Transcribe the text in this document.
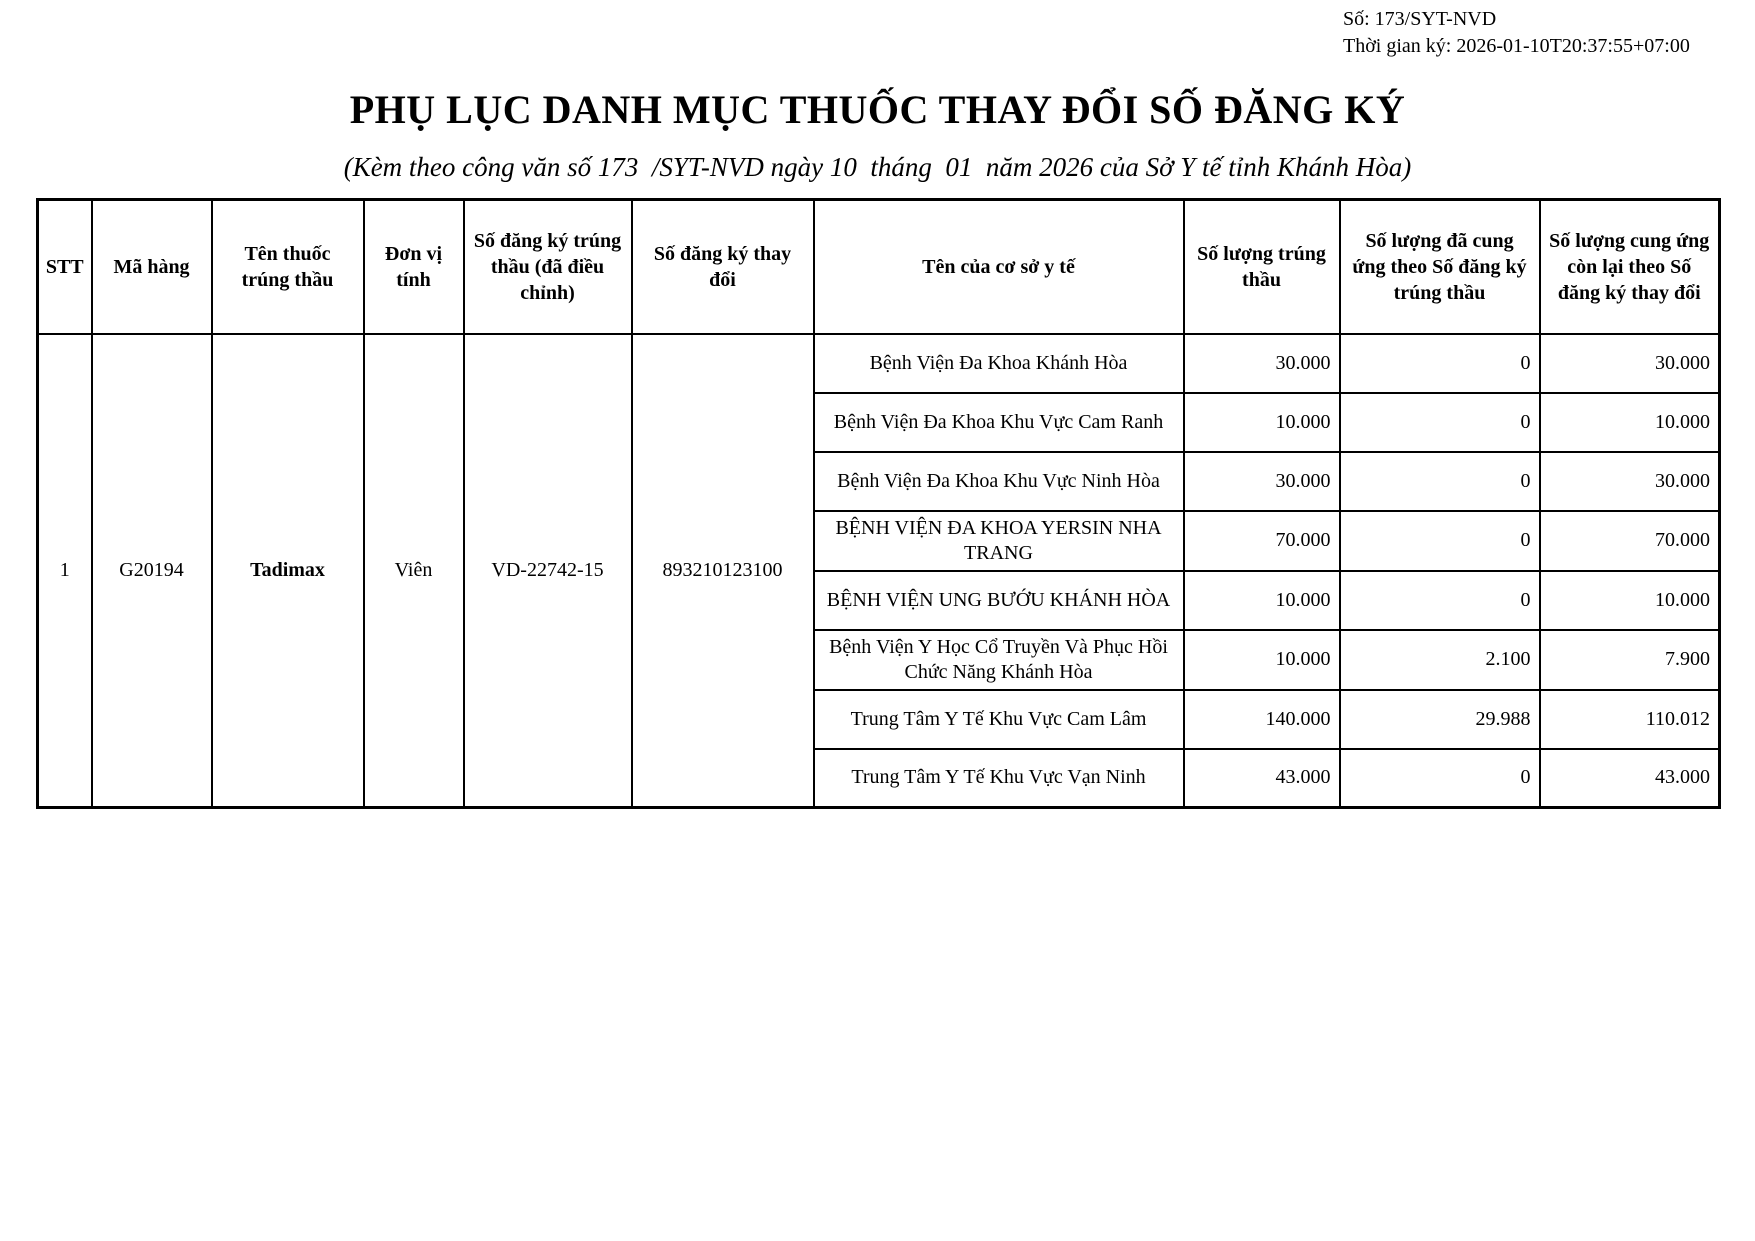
Số: 173/SYT-NVD
Thời gian ký: 2026-01-10T20:37:55+07:00
PHỤ LỤC DANH MỤC THUỐC THAY ĐỔI SỐ ĐĂNG KÝ
(Kèm theo công văn số 173  /SYT-NVD ngày 10  tháng  01  năm 2026 của Sở Y tế tỉnh Khánh Hòa)
STT	Mã hàng	Tên thuốc trúng thầu	Đơn vị tính	Số đăng ký trúng thầu (đã điều chỉnh)	Số đăng ký thay đổi	Tên của cơ sở y tế	Số lượng trúng thầu	Số lượng đã cung ứng theo Số đăng ký trúng thầu	Số lượng cung ứng còn lại theo Số đăng ký thay đổi
1	G20194	Tadimax	Viên	VD-22742-15	893210123100	Bệnh Viện Đa Khoa Khánh Hòa	30.000	0	30.000
						Bệnh Viện Đa Khoa Khu Vực Cam Ranh	10.000	0	10.000
						Bệnh Viện Đa Khoa Khu Vực Ninh Hòa	30.000	0	30.000
						BỆNH VIỆN ĐA KHOA YERSIN NHA TRANG	70.000	0	70.000
						BỆNH VIỆN UNG BƯỚU KHÁNH HÒA	10.000	0	10.000
						Bệnh Viện Y Học Cổ Truyền Và Phục Hồi Chức Năng Khánh Hòa	10.000	2.100	7.900
						Trung Tâm Y Tế Khu Vực Cam Lâm	140.000	29.988	110.012
						Trung Tâm Y Tế Khu Vực Vạn Ninh	43.000	0	43.000
